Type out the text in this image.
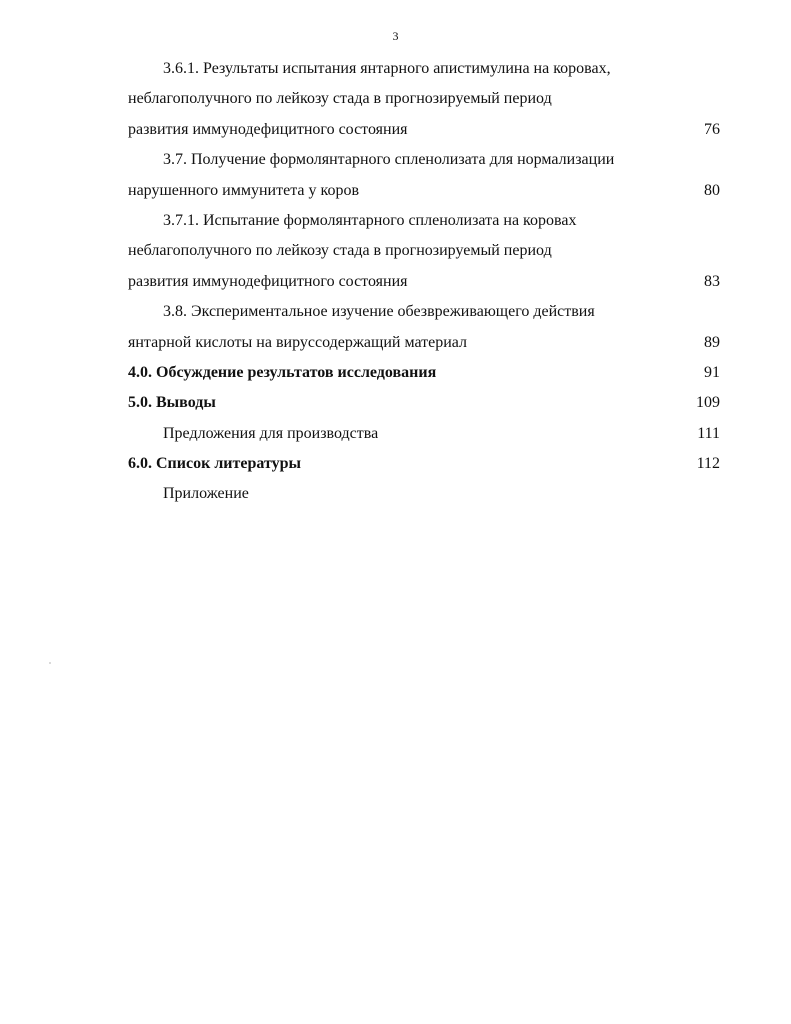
3
3.6.1. Результаты испытания янтарного апистимулина на коровах,
неблагополучного по лейкозу стада в прогнозируемый период
развития иммунодефицитного состояния	76
3.7. Получение формолянтарного спленолизата для нормализации
нарушенного иммунитета у коров	80
3.7.1. Испытание формолянтарного спленолизата на коровах
неблагополучного по лейкозу стада в прогнозируемый период
развития иммунодефицитного состояния	83
3.8. Экспериментальное изучение обезвреживающего действия
янтарной кислоты на вируссодержащий материал	89
4.0. Обсуждение результатов исследования	91
5.0. Выводы	109
Предложения для производства	111
6.0. Список литературы	112
Приложение
